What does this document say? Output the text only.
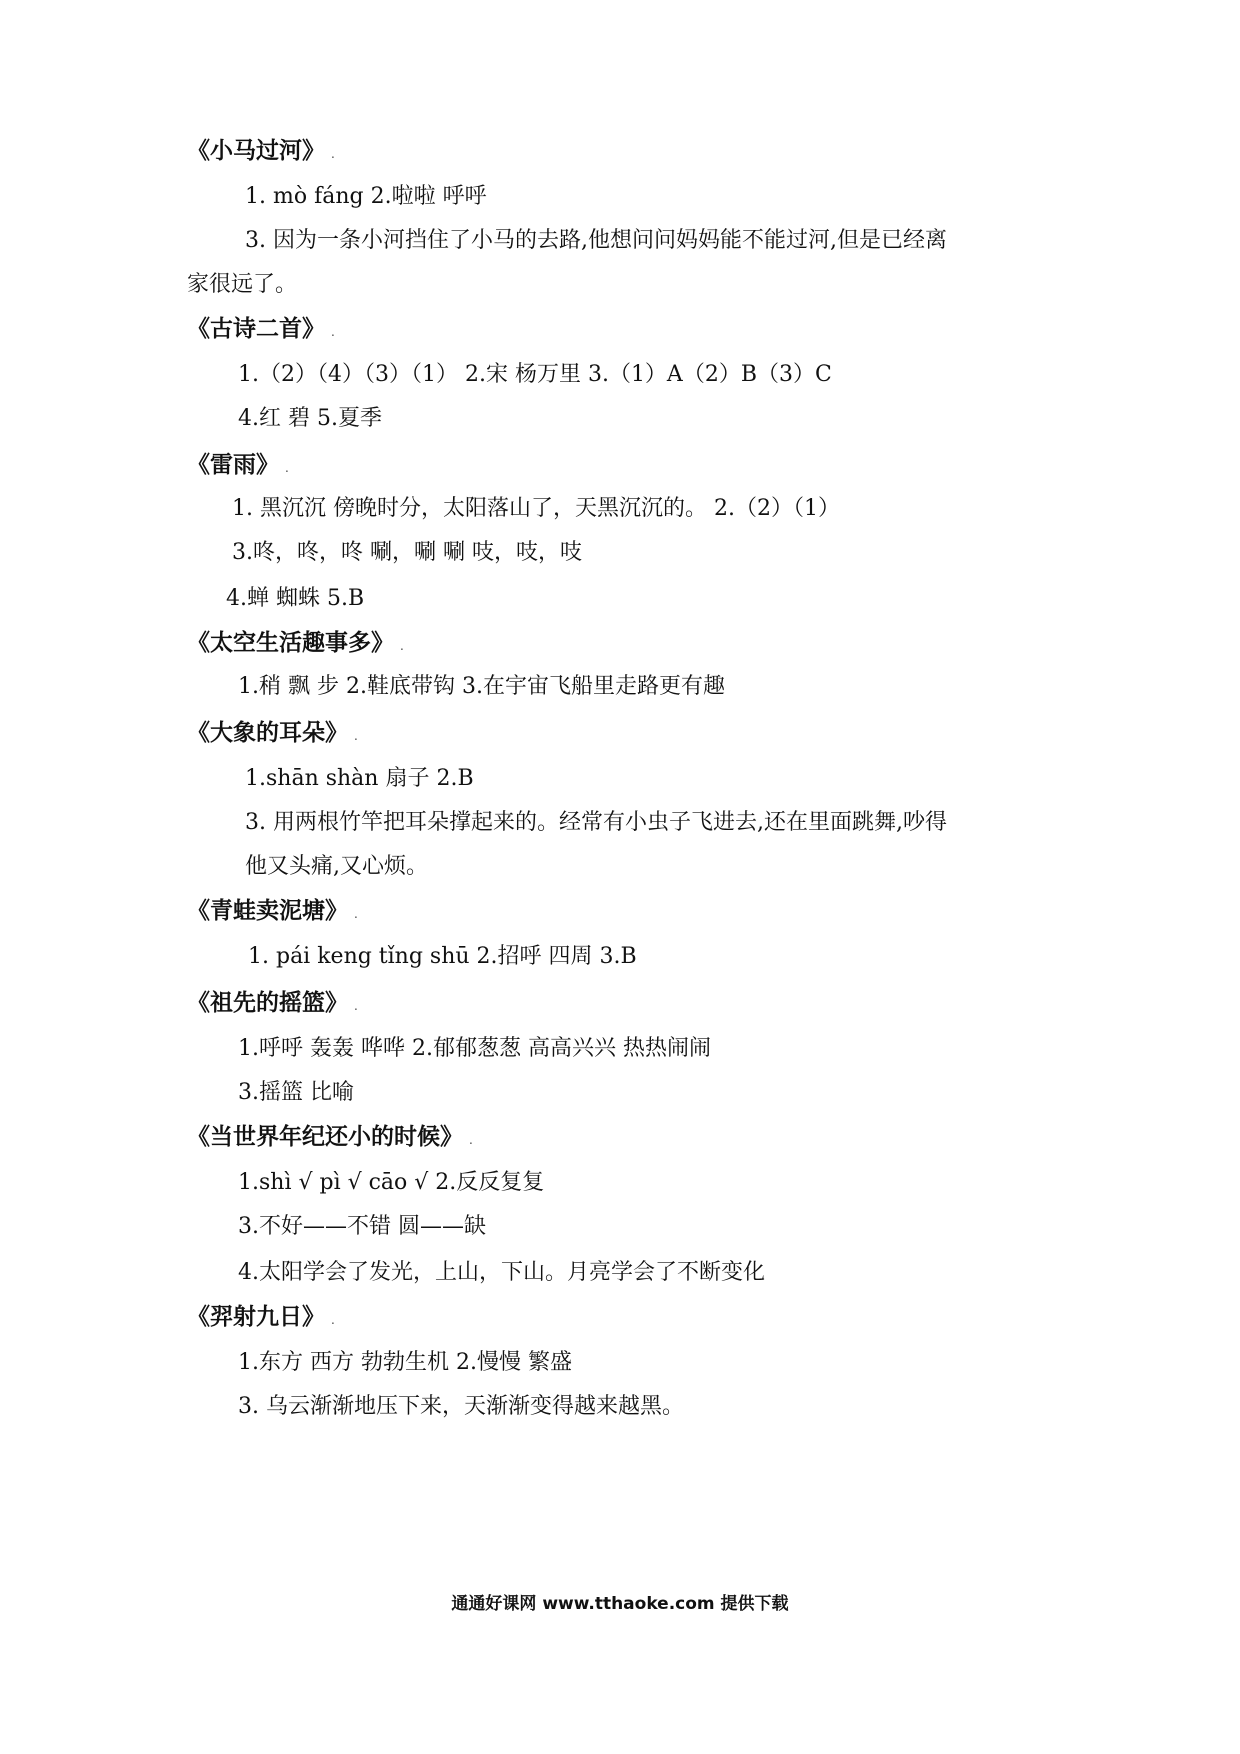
《小马过河》 .
1. mò fáng 2.啦啦 呼呼
3. 因为一条小河挡住了小马的去路,他想问问妈妈能不能过河,但是已经离
家很远了。
《古诗二首》 .
1.（2）（4）（3）（1） 2.宋 杨万里 3.（1）A（2）B（3）C
4.红 碧 5.夏季
《雷雨》 .
1. 黑沉沉 傍晚时分，太阳落山了，天黑沉沉的。 2.（2）（1）
3.咚，咚，咚 唰，唰 唰 吱，吱，吱
4.蝉 蜘蛛 5.B
《太空生活趣事多》 .
1.稍 飘 步 2.鞋底带钩 3.在宇宙飞船里走路更有趣
《大象的耳朵》 .
1.shān shàn 扇子 2.B
3. 用两根竹竿把耳朵撑起来的。经常有小虫子飞进去,还在里面跳舞,吵得
他又头痛,又心烦。
《青蛙卖泥塘》 .
1. pái keng tǐng shū 2.招呼 四周 3.B
《祖先的摇篮》 .
1.呼呼 轰轰 哗哗 2.郁郁葱葱 高高兴兴 热热闹闹
3.摇篮 比喻
《当世界年纪还小的时候》 .
1.shì √ pì √ cāo √ 2.反反复复
3.不好——不错 圆——缺
4.太阳学会了发光，上山，下山。月亮学会了不断变化
《羿射九日》 .
1.东方 西方 勃勃生机 2.慢慢 繁盛
3. 乌云渐渐地压下来，天渐渐变得越来越黑。
通通好课网 www.tthaoke.com 提供下载
